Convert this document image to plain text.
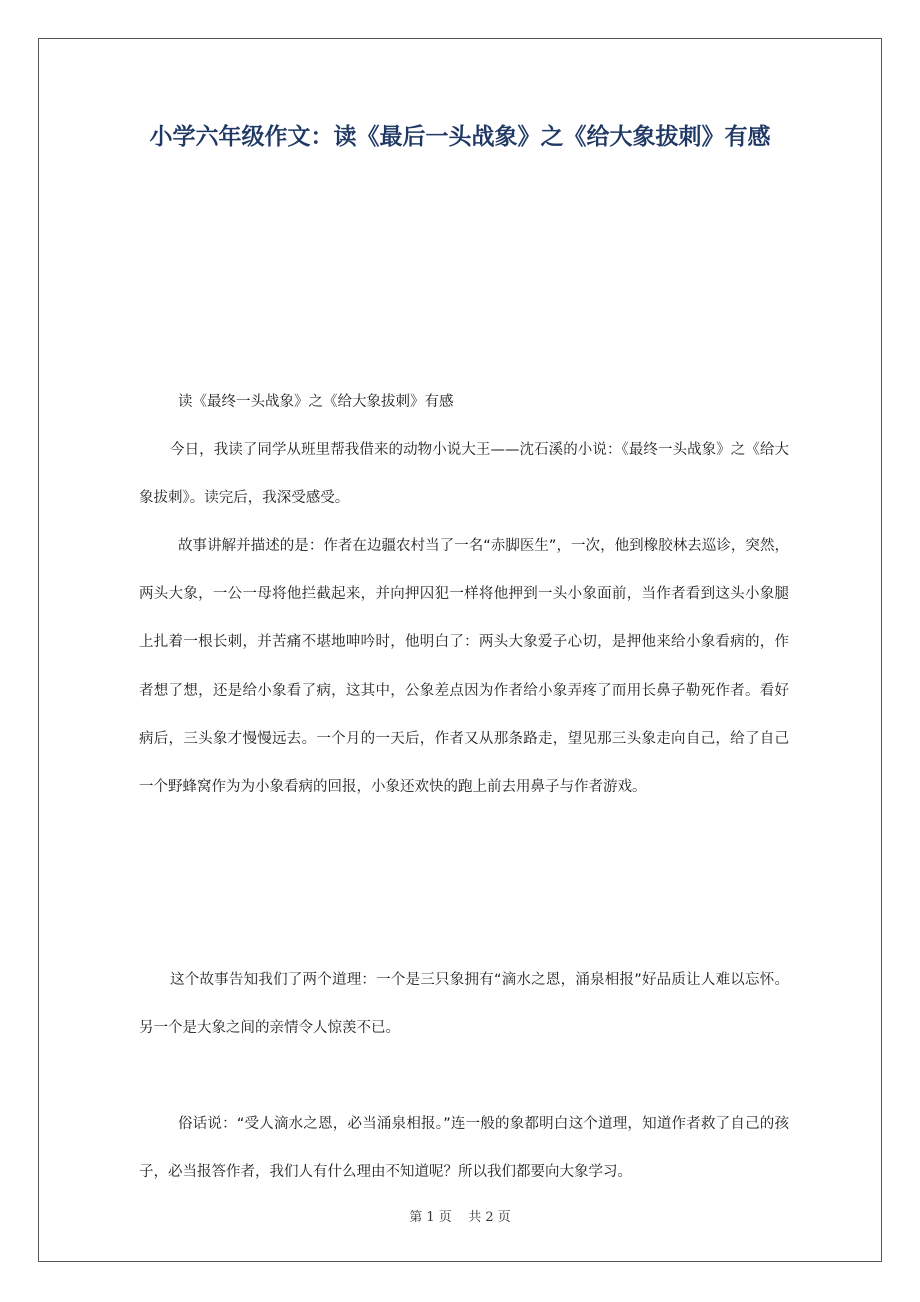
小学六年级作文：读《最后一头战象》之《给大象拔刺》有感

读《最终一头战象》之《给大象拔刺》有感

今日，我读了同学从班里帮我借来的动物小说大王——沈石溪的小说：《最终一头战象》之《给大象拔刺》。读完后，我深受感受。

故事讲解并描述的是：作者在边疆农村当了一名“赤脚医生”，一次，他到橡胶林去巡诊，突然，两头大象，一公一母将他拦截起来，并向押囚犯一样将他押到一头小象面前，当作者看到这头小象腿上扎着一根长刺，并苦痛不堪地呻吟时，他明白了：两头大象爱子心切，是押他来给小象看病的，作者想了想，还是给小象看了病，这其中，公象差点因为作者给小象弄疼了而用长鼻子勒死作者。看好病后，三头象才慢慢远去。一个月的一天后，作者又从那条路走，望见那三头象走向自己，给了自己一个野蜂窝作为为小象看病的回报，小象还欢快的跑上前去用鼻子与作者游戏。

这个故事告知我们了两个道理：一个是三只象拥有“滴水之恩，涌泉相报”好品质让人难以忘怀。另一个是大象之间的亲情令人惊羡不已。

俗话说：“受人滴水之恩，必当涌泉相报。”连一般的象都明白这个道理，知道作者救了自己的孩子，必当报答作者，我们人有什么理由不知道呢？所以我们都要向大象学习。

第 1 页    共 2 页
